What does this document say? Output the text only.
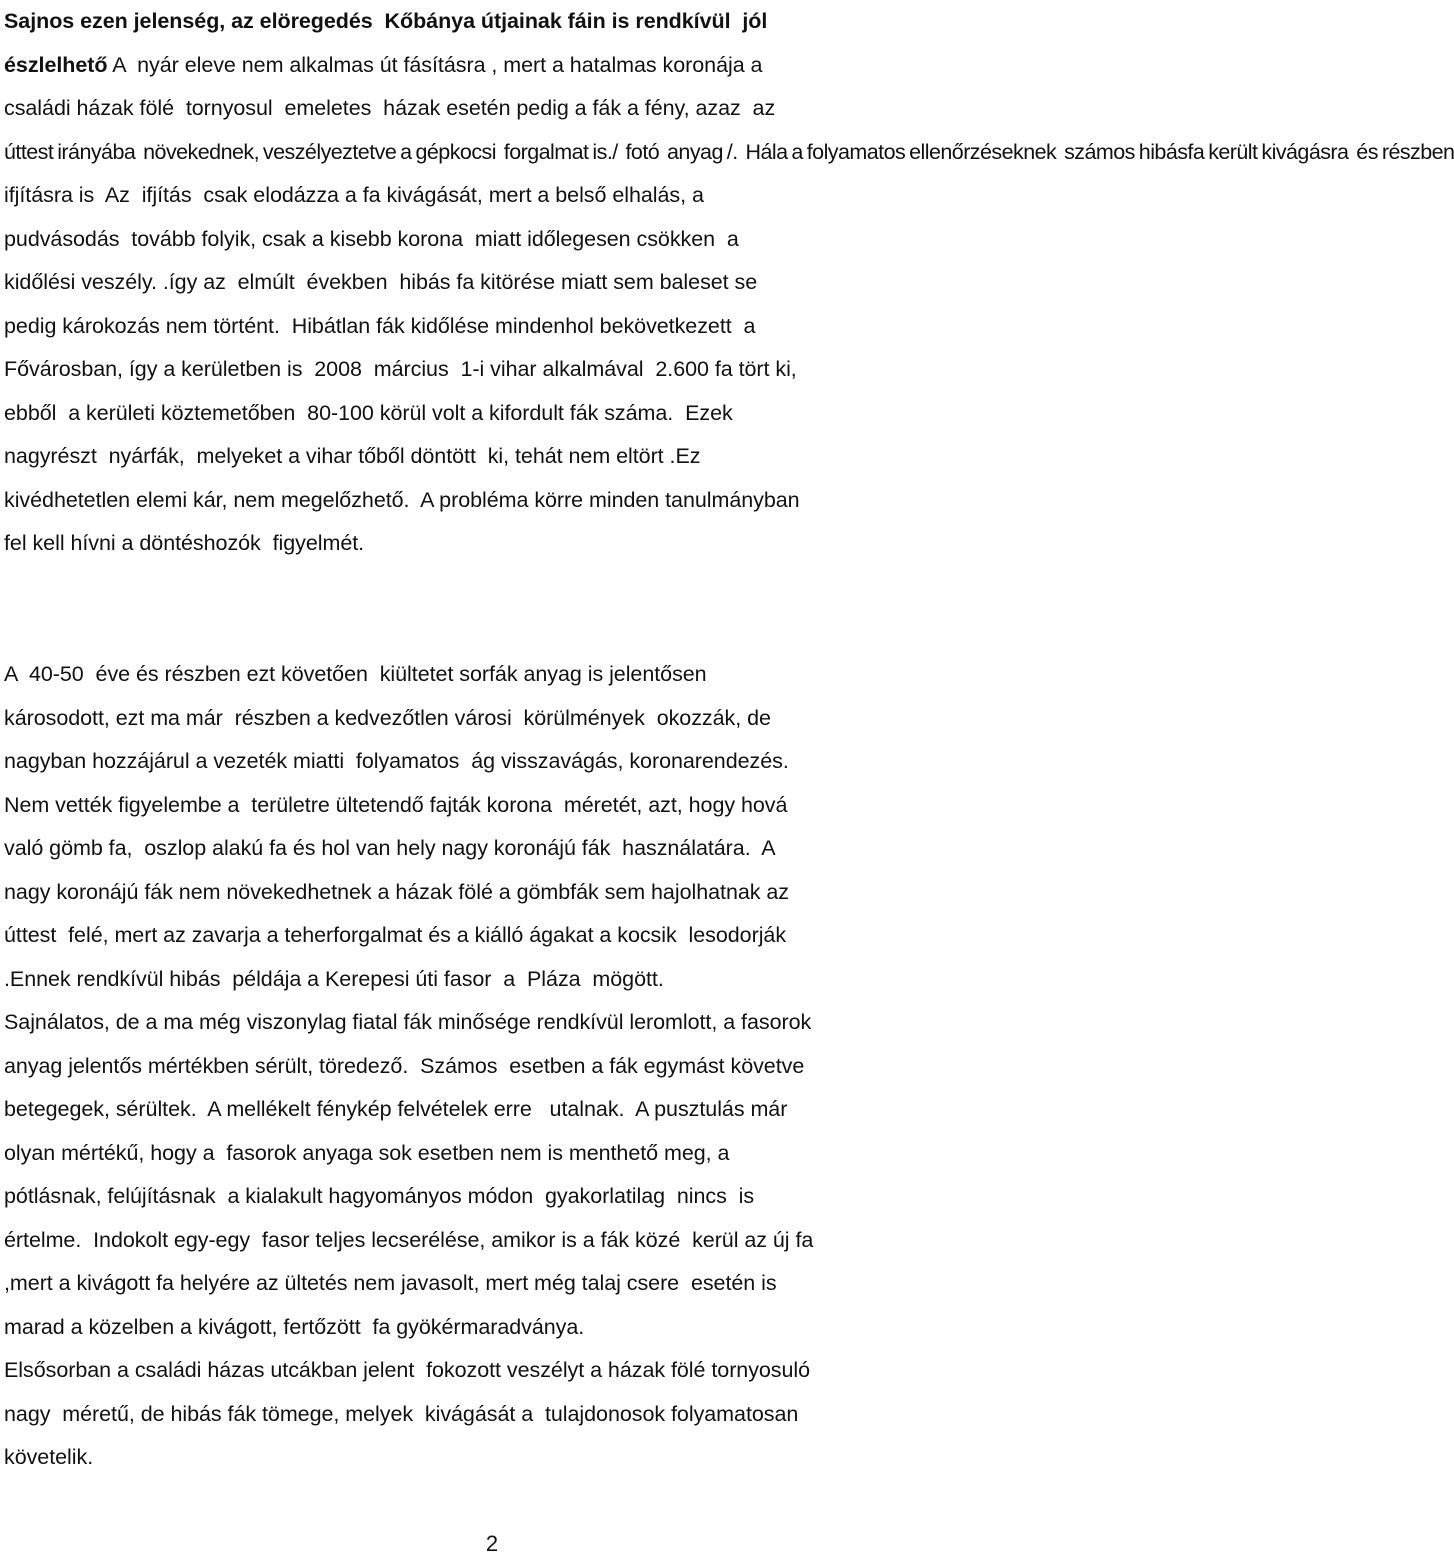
Sajnos ezen jelenség, az elöregedés  Kőbánya útjainak fáin is rendkívül  jól
észlelhető A  nyár eleve nem alkalmas út fásításra , mert a hatalmas koronája a
családi házak fölé  tornyosul  emeletes  házak esetén pedig a fák a fény, azaz  az
úttest irányába  növekednek, veszélyeztetve a gépkocsi  forgalmat is./  fotó  anyag /.  Hála a folyamatos ellenőrzéseknek  számos hibásfa került kivágásra  és részben
ifjításra is  Az  ifjítás  csak elodázza a fa kivágását, mert a belső elhalás, a
pudvásodás  tovább folyik, csak a kisebb korona  miatt időlegesen csökken  a
kidőlési veszély. .így az  elmúlt  években  hibás fa kitörése miatt sem baleset se
pedig károkozás nem történt.  Hibátlan fák kidőlése mindenhol bekövetkezett  a
Fővárosban, így a kerületben is  2008  március  1-i vihar alkalmával  2.600 fa tört ki,
ebből  a kerületi köztemetőben  80-100 körül volt a kifordult fák száma.  Ezek
nagyrészt  nyárfák,  melyeket a vihar tőből döntött  ki, tehát nem eltört .Ez
kivédhetetlen elemi kár, nem megelőzhető.  A probléma körre minden tanulmányban
fel kell hívni a döntéshozók  figyelmét.
A  40-50  éve és részben ezt követően  kiültetet sorfák anyag is jelentősen
károsodott, ezt ma már  részben a kedvezőtlen városi  körülmények  okozzák, de
nagyban hozzájárul a vezeték miatti  folyamatos  ág visszavágás, koronarendezés.
Nem vették figyelembe a  területre ültetendő fajták korona  méretét, azt, hogy hová
való gömb fa,  oszlop alakú fa és hol van hely nagy koronájú fák  használatára.  A
nagy koronájú fák nem növekedhetnek a házak fölé a gömbfák sem hajolhatnak az
úttest  felé, mert az zavarja a teherforgalmat és a kiálló ágakat a kocsik  lesodorják
.Ennek rendkívül hibás  példája a Kerepesi úti fasor  a  Pláza  mögött.
Sajnálatos, de a ma még viszonylag fiatal fák minősége rendkívül leromlott, a fasorok
anyag jelentős mértékben sérült, töredező.  Számos  esetben a fák egymást követve
betegegek, sérültek.  A mellékelt fénykép felvételek erre   utalnak.  A pusztulás már
olyan mértékű, hogy a  fasorok anyaga sok esetben nem is menthető meg, a
pótlásnak, felújításnak  a kialakult hagyományos módon  gyakorlatilag  nincs  is
értelme.  Indokolt egy-egy  fasor teljes lecserélése, amikor is a fák közé  kerül az új fa
,mert a kivágott fa helyére az ültetés nem javasolt, mert még talaj csere  esetén is
marad a közelben a kivágott, fertőzött  fa gyökérmaradványa.
Elsősorban a családi házas utcákban jelent  fokozott veszélyt a házak fölé tornyosuló
nagy  méretű, de hibás fák tömege, melyek  kivágását a  tulajdonosok folyamatosan
követelik.
2
